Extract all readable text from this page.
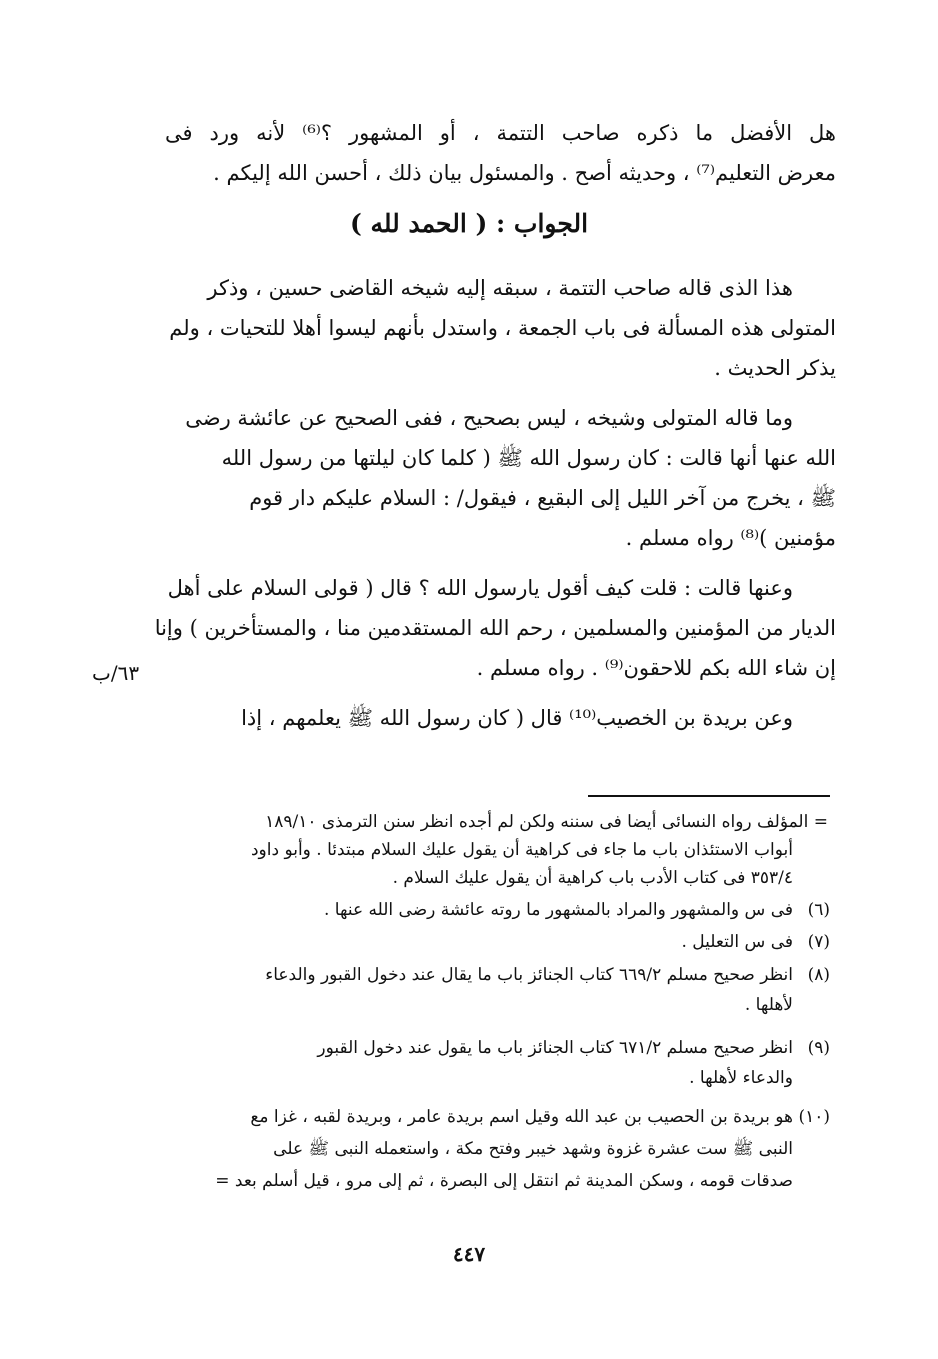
هل الأفضل ما ذكره صاحب التتمة ، أو المشهور ؟⁽⁶⁾ لأنه ورد فى
معرض التعليم⁽⁷⁾ ، وحديثه أصح . والمسئول بيان ذلك ، أحسن الله إليكم .
الجواب : ( الحمد لله )
هذا الذى قاله صاحب التتمة ، سبقه إليه شيخه القاضى حسين ، وذكر
المتولى هذه المسألة فى باب الجمعة ، واستدل بأنهم ليسوا أهلا للتحيات ، ولم
يذكر الحديث .
وما قاله المتولى وشيخه ، ليس بصحيح ، ففى الصحيح عن عائشة رضى
الله عنها أنها قالت : كان رسول الله ﷺ ( كلما كان ليلتها من رسول الله
ﷺ ، يخرج من آخر الليل إلى البقيع ، فيقول/ : السلام عليكم دار قوم
مؤمنين )⁽⁸⁾ رواه مسلم .
وعنها قالت : قلت كيف أقول يارسول الله ؟ قال ( قولى السلام على أهل
الديار من المؤمنين والمسلمين ، رحم الله المستقدمين منا ، والمستأخرين ) وإنا
إن شاء الله بكم للاحقون⁽⁹⁾ . رواه مسلم .
وعن بريدة بن الخصيب⁽¹⁰⁾ قال ( كان رسول الله ﷺ يعلمهم ، إذا
٦٣/ب
= المؤلف رواه النسائى أيضا فى سننه ولكن لم أجده انظر سنن الترمذى ١٨٩/١٠
أبواب الاستئذان باب ما جاء فى كراهية أن يقول عليك السلام مبتدئا . وأبو داود
٣٥٣/٤ فى كتاب الأدب باب كراهية أن يقول عليك السلام .
(٦)
فى س والمشهور والمراد بالمشهور ما روته عائشة رضى الله عنها .
(٧)
فى س التعليل .
(٨)
انظر صحيح مسلم ٦٦٩/٢ كتاب الجنائز باب ما يقال عند دخول القبور والدعاء
لأهلها .
(٩)
انظر صحيح مسلم ٦٧١/٢ كتاب الجنائز باب ما يقول عند دخول القبور
والدعاء لأهلها .
(١٠)
هو بريدة بن الحصيب بن عبد الله وقيل اسم بريدة عامر ، وبريدة لقبه ، غزا مع
النبى ﷺ ست عشرة غزوة وشهد خيبر وفتح مكة ، واستعمله النبى ﷺ على
صدقات قومه ، وسكن المدينة ثم انتقل إلى البصرة ، ثم إلى مرو ، قيل أسلم بعد =
٤٤٧
